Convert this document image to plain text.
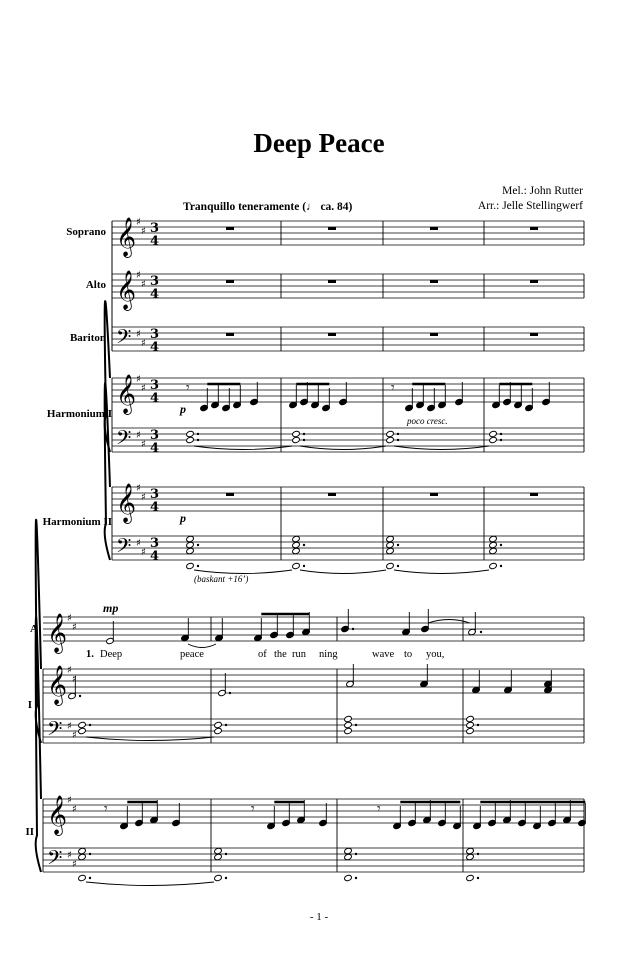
Deep Peace
Mel.: John Rutter
Arr.: Jelle Stellingwerf
Tranquillo teneramente (♩ ca. 84)
Soprano
Alto
Bariton
Harmonium I
Harmonium II
A
I
II
p
p
mp
poco cresc.
(baskant +16’)
1. Deep	peace	of the run ning	wave to you,
𝄞 ♯
♯ 3
4
𝄞 ♯
♯ 3
4
𝄢 ♯
♯
3
4
𝄞 ♯
♯ 3
4
𝄢 ♯
♯
3
4
𝄞 ♯
♯ 3
4
𝄢 ♯
♯
3
4
𝄾	𝄾
𝄞 ♯
♯
𝄞 ♯
♯
𝄢 ♯
♯
𝄞 ♯
♯
𝄢 ♯
♯
𝄾	𝄾	𝄾
- 1 -
